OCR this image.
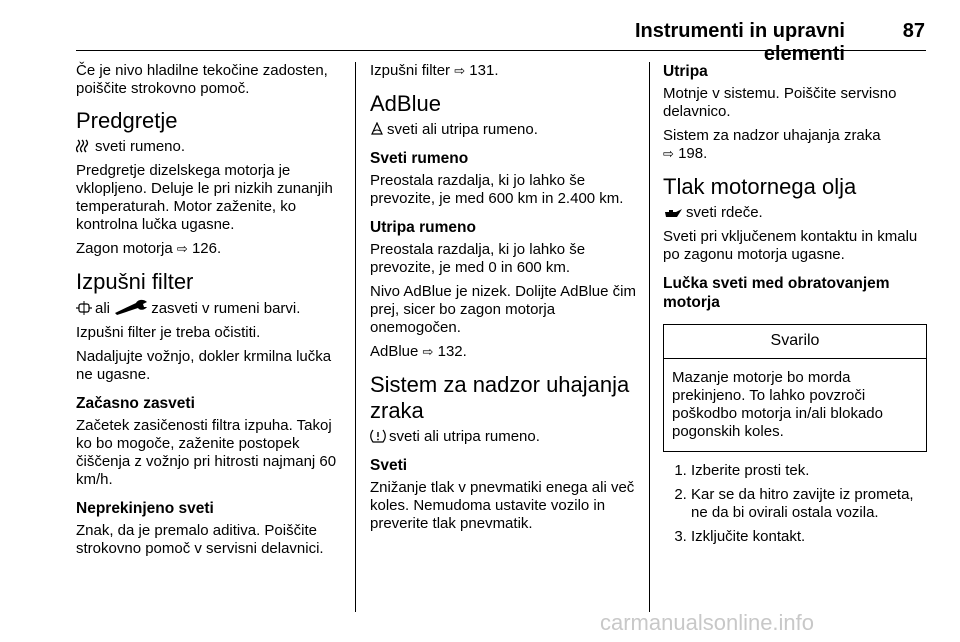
Instrumenti in upravni elementi
87

Če je nivo hladilne tekočine zadosten, poiščite strokovno pomoč.

Predgretje

sveti rumeno.

Predgretje dizelskega motorja je vklopljeno. Deluje le pri nizkih zunanjih temperaturah. Motor zaženite, ko kontrolna lučka ugasne.

Zagon motorja ⇨ 126.

Izpušni filter

ali	zasveti v rumeni barvi.

Izpušni filter je treba očistiti.

Nadaljujte vožnjo, dokler krmilna lučka ne ugasne.

Začasno zasveti

Začetek zasičenosti filtra izpuha. Takoj ko bo mogoče, zaženite postopek čiščenja z vožnjo pri hitrosti najmanj 60 km/h.

Neprekinjeno sveti

Znak, da je premalo aditiva. Poiščite strokovno pomoč v servisni delavnici.

Izpušni filter ⇨ 131.

AdBlue

sveti ali utripa rumeno.

Sveti rumeno

Preostala razdalja, ki jo lahko še prevozite, je med 600 km in 2.400 km.

Utripa rumeno

Preostala razdalja, ki jo lahko še prevozite, je med 0 in 600 km.

Nivo AdBlue je nizek. Dolijte AdBlue čim prej, sicer bo zagon motorja onemogočen.

AdBlue ⇨ 132.

Sistem za nadzor uhajanja zraka

sveti ali utripa rumeno.

Sveti

Znižanje tlak v pnevmatiki enega ali več koles. Nemudoma ustavite vozilo in preverite tlak pnevmatik.

Utripa

Motnje v sistemu. Poiščite servisno delavnico.

Sistem za nadzor uhajanja zraka
⇨ 198.

Tlak motornega olja

sveti rdeče.

Sveti pri vklјučenem kontaktu in kmalu po zagonu motorja ugasne.

Lučka sveti med obratovanjem motorja
Svarilo
Mazanje motorje bo morda prekinjeno. To lahko povzroči poškodbo motorja in/ali blokado pogonskih koles.
1. Izberite prosti tek.
2. Kar se da hitro zavijte iz prometa, ne da bi ovirali ostala vozila.
3. Izključite kontakt.
carmanualsonline.info
